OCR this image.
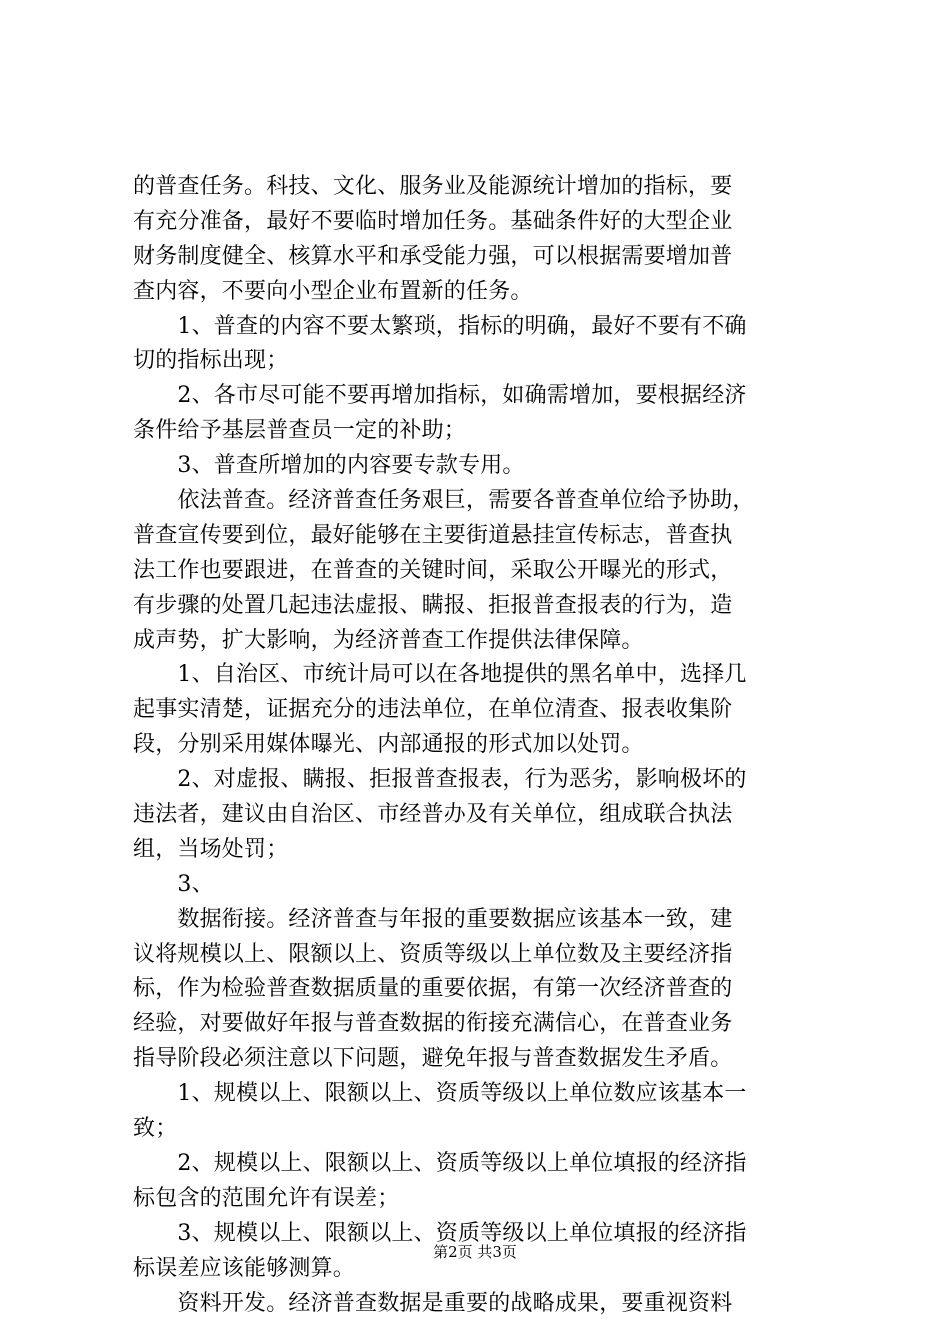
的普查任务。科技、文化、服务业及能源统计增加的指标，要
有充分准备，最好不要临时增加任务。基础条件好的大型企业
财务制度健全、核算水平和承受能力强，可以根据需要增加普
查内容，不要向小型企业布置新的任务。
　　1、普查的内容不要太繁琐，指标的明确，最好不要有不确
切的指标出现；
　　2、各市尽可能不要再增加指标，如确需增加，要根据经济
条件给予基层普查员一定的补助；
　　3、普查所增加的内容要专款专用。
　　依法普查。经济普查任务艰巨，需要各普查单位给予协助，
普查宣传要到位，最好能够在主要街道悬挂宣传标志，普查执
法工作也要跟进，在普查的关键时间，采取公开曝光的形式，
有步骤的处置几起违法虚报、瞒报、拒报普查报表的行为，造
成声势，扩大影响，为经济普查工作提供法律保障。
　　1、自治区、市统计局可以在各地提供的黑名单中，选择几
起事实清楚，证据充分的违法单位，在单位清查、报表收集阶
段，分别采用媒体曝光、内部通报的形式加以处罚。
　　2、对虚报、瞒报、拒报普查报表，行为恶劣，影响极坏的
违法者，建议由自治区、市经普办及有关单位，组成联合执法
组，当场处罚；
　　3、
　　数据衔接。经济普查与年报的重要数据应该基本一致，建
议将规模以上、限额以上、资质等级以上单位数及主要经济指
标，作为检验普查数据质量的重要依据，有第一次经济普查的
经验，对要做好年报与普查数据的衔接充满信心，在普查业务
指导阶段必须注意以下问题，避免年报与普查数据发生矛盾。
　　1、规模以上、限额以上、资质等级以上单位数应该基本一
致；
　　2、规模以上、限额以上、资质等级以上单位填报的经济指
标包含的范围允许有误差；
　　3、规模以上、限额以上、资质等级以上单位填报的经济指
标误差应该能够测算。
　　资料开发。经济普查数据是重要的战略成果，要重视资料
第2页 共3页
